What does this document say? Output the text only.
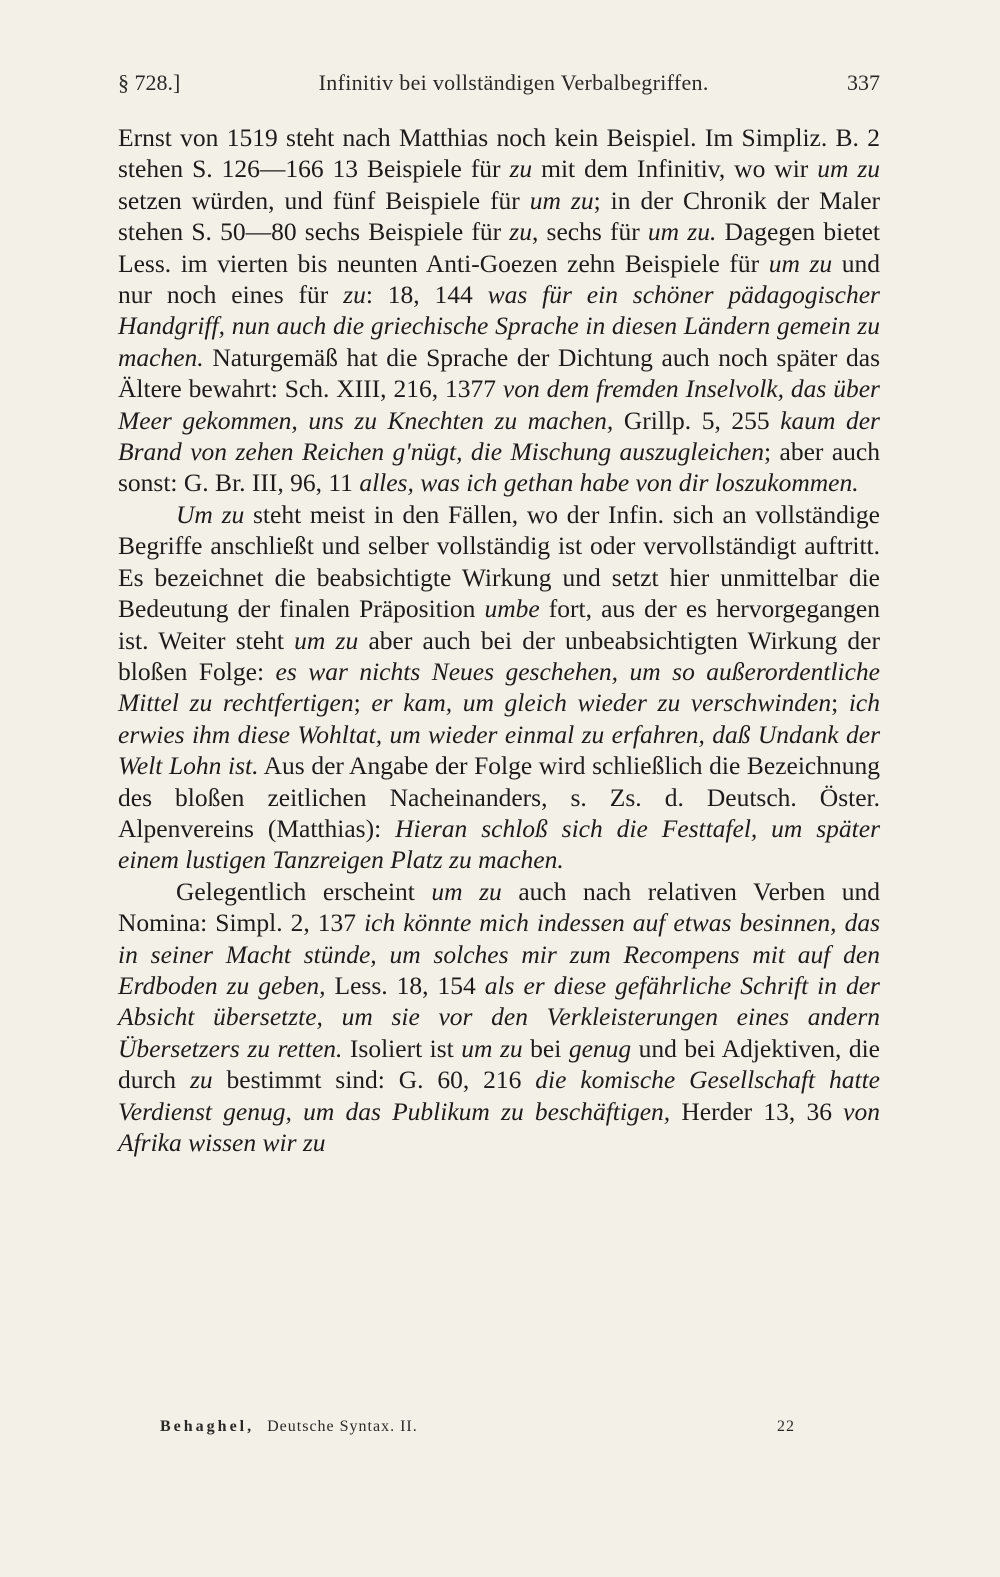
§ 728.]	Infinitiv bei vollständigen Verbalbegriffen.	337

Ernst von 1519 steht nach Matthias noch kein Beispiel. Im Simpliz. B. 2 stehen S. 126—166 13 Beispiele für zu mit dem Infinitiv, wo wir um zu setzen würden, und fünf Beispiele für um zu; in der Chronik der Maler stehen S. 50—80 sechs Beispiele für zu, sechs für um zu. Dagegen bietet Less. im vierten bis neunten Anti-Goezen zehn Beispiele für um zu und nur noch eines für zu: 18, 144 was für ein schöner pädagogischer Handgriff, nun auch die griechische Sprache in diesen Ländern gemein zu machen. Naturgemäß hat die Sprache der Dichtung auch noch später das Ältere bewahrt: Sch. XIII, 216, 1377 von dem fremden Inselvolk, das über Meer gekommen, uns zu Knechten zu machen, Grillp. 5, 255 kaum der Brand von zehen Reichen g'nügt, die Mischung auszugleichen; aber auch sonst: G. Br. III, 96, 11 alles, was ich gethan habe von dir loszukommen.

Um zu steht meist in den Fällen, wo der Infin. sich an vollständige Begriffe anschließt und selber vollständig ist oder vervollständigt auftritt. Es bezeichnet die beabsichtigte Wirkung und setzt hier unmittelbar die Bedeutung der finalen Präposition umbe fort, aus der es hervorgegangen ist. Weiter steht um zu aber auch bei der unbeabsichtigten Wirkung der bloßen Folge: es war nichts Neues geschehen, um so außerordentliche Mittel zu rechtfertigen; er kam, um gleich wieder zu verschwinden; ich erwies ihm diese Wohltat, um wieder einmal zu erfahren, daß Undank der Welt Lohn ist. Aus der Angabe der Folge wird schließlich die Bezeichnung des bloßen zeitlichen Nacheinanders, s. Zs. d. Deutsch. Öster. Alpenvereins (Matthias): Hieran schloß sich die Festtafel, um später einem lustigen Tanzreigen Platz zu machen.

Gelegentlich erscheint um zu auch nach relativen Verben und Nomina: Simpl. 2, 137 ich könnte mich indessen auf etwas besinnen, das in seiner Macht stünde, um solches mir zum Recompens mit auf den Erdboden zu geben, Less. 18, 154 als er diese gefährliche Schrift in der Absicht übersetzte, um sie vor den Verkleisterungen eines andern Übersetzers zu retten. Isoliert ist um zu bei genug und bei Adjektiven, die durch zu bestimmt sind: G. 60, 216 die komische Gesellschaft hatte Verdienst genug, um das Publikum zu beschäftigen, Herder 13, 36 von Afrika wissen wir zu

Behaghel, Deutsche Syntax. II.	22
